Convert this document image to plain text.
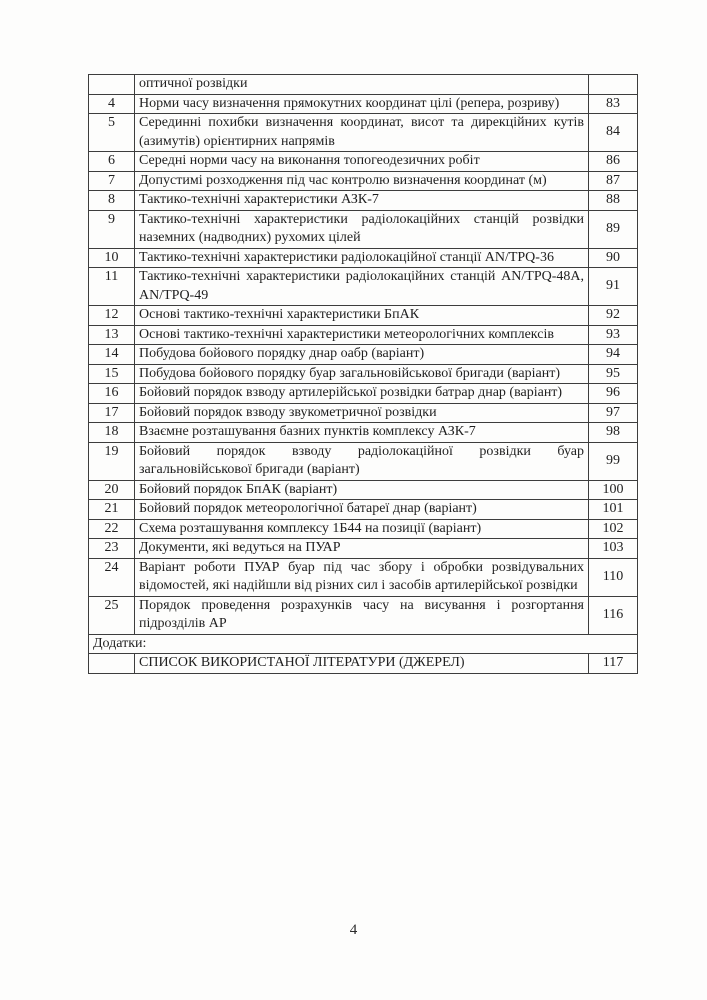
	оптичної розвідки	
4	Норми часу визначення прямокутних координат цілі (репера, розриву)	83
5	Серединні похибки визначення координат, висот та дирекційних кутів (азимутів) орієнтирних напрямів	84
6	Середні норми часу на виконання топогеодезичних робіт	86
7	Допустимі розходження під час контролю визначення координат (м)	87
8	Тактико-технічні характеристики АЗК-7	88
9	Тактико-технічні характеристики радіолокаційних станцій розвідки наземних (надводних) рухомих цілей	89
10	Тактико-технічні характеристики радіолокаційної станції AN/TPQ-36	90
11	Тактико-технічні характеристики радіолокаційних станцій AN/TPQ-48A, AN/TPQ-49	91
12	Основі тактико-технічні характеристики БпАК	92
13	Основі тактико-технічні характеристики метеорологічних комплексів	93
14	Побудова бойового порядку днар оабр (варіант)	94
15	Побудова бойового порядку буар загальновійськової бригади (варіант)	95
16	Бойовий порядок взводу артилерійської розвідки батрар днар (варіант)	96
17	Бойовий порядок взводу звукометричної розвідки	97
18	Взаємне розташування базних пунктів комплексу АЗК-7	98
19	Бойовий порядок взводу радіолокаційної розвідки буар загальновійськової бригади (варіант)	99
20	Бойовий порядок БпАК (варіант)	100
21	Бойовий порядок метеорологічної батареї днар (варіант)	101
22	Схема розташування комплексу 1Б44 на позиції (варіант)	102
23	Документи, які ведуться на ПУАР	103
24	Варіант роботи ПУАР буар під час збору і обробки розвідувальних відомостей, які надійшли від різних сил і засобів артилерійської розвідки	110
25	Порядок проведення розрахунків часу на висування і розгортання підрозділів АР	116
Додатки:		
	СПИСОК ВИКОРИСТАНОЇ ЛІТЕРАТУРИ (ДЖЕРЕЛ)	117
4
